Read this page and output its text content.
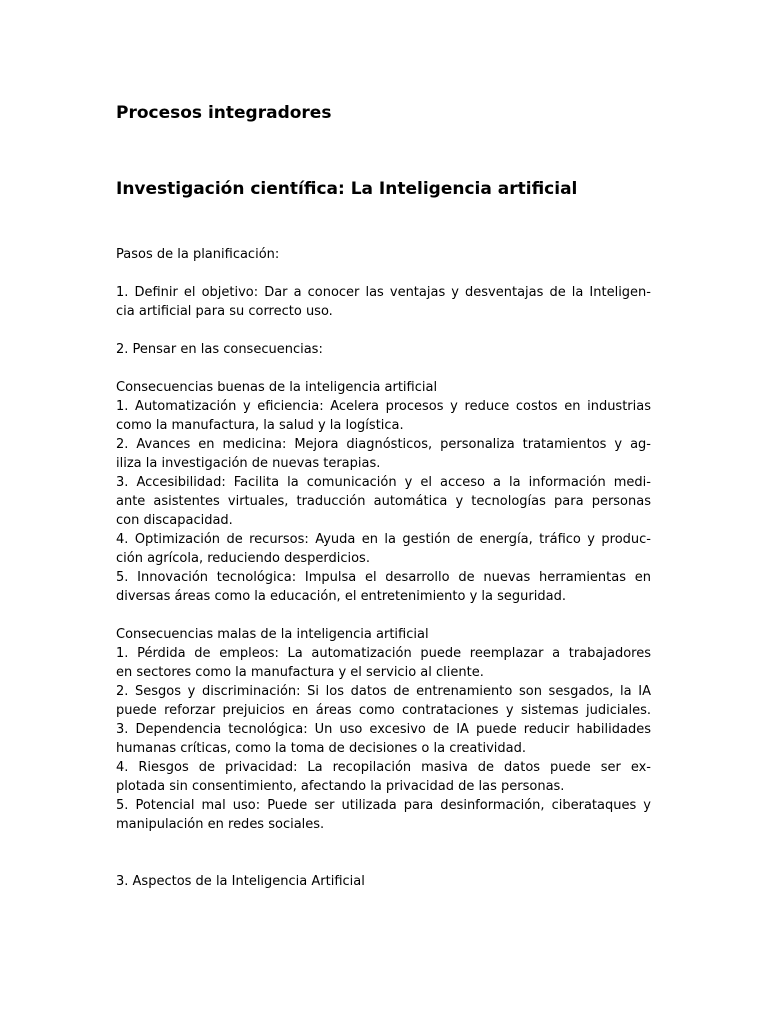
Procesos integradores
Investigación científica: La Inteligencia artificial
Pasos de la planificación:
1. Definir el objetivo: Dar a conocer las ventajas y desventajas de la Inteligen-
cia artificial para su correcto uso.
2. Pensar en las consecuencias:
Consecuencias buenas de la inteligencia artificial
1. Automatización y eficiencia: Acelera procesos y reduce costos en industrias
como la manufactura, la salud y la logística.
2. Avances en medicina: Mejora diagnósticos, personaliza tratamientos y ag-
iliza la investigación de nuevas terapias.
3. Accesibilidad: Facilita la comunicación y el acceso a la información medi-
ante asistentes virtuales, traducción automática y tecnologías para personas
con discapacidad.
4. Optimización de recursos: Ayuda en la gestión de energía, tráfico y produc-
ción agrícola, reduciendo desperdicios.
5. Innovación tecnológica: Impulsa el desarrollo de nuevas herramientas en
diversas áreas como la educación, el entretenimiento y la seguridad.
Consecuencias malas de la inteligencia artificial
1. Pérdida de empleos: La automatización puede reemplazar a trabajadores
en sectores como la manufactura y el servicio al cliente.
2. Sesgos y discriminación: Si los datos de entrenamiento son sesgados, la IA
puede reforzar prejuicios en áreas como contrataciones y sistemas judiciales.
3. Dependencia tecnológica: Un uso excesivo de IA puede reducir habilidades
humanas críticas, como la toma de decisiones o la creatividad.
4. Riesgos de privacidad: La recopilación masiva de datos puede ser ex-
plotada sin consentimiento, afectando la privacidad de las personas.
5. Potencial mal uso: Puede ser utilizada para desinformación, ciberataques y
manipulación en redes sociales.
3. Aspectos de la Inteligencia Artificial
